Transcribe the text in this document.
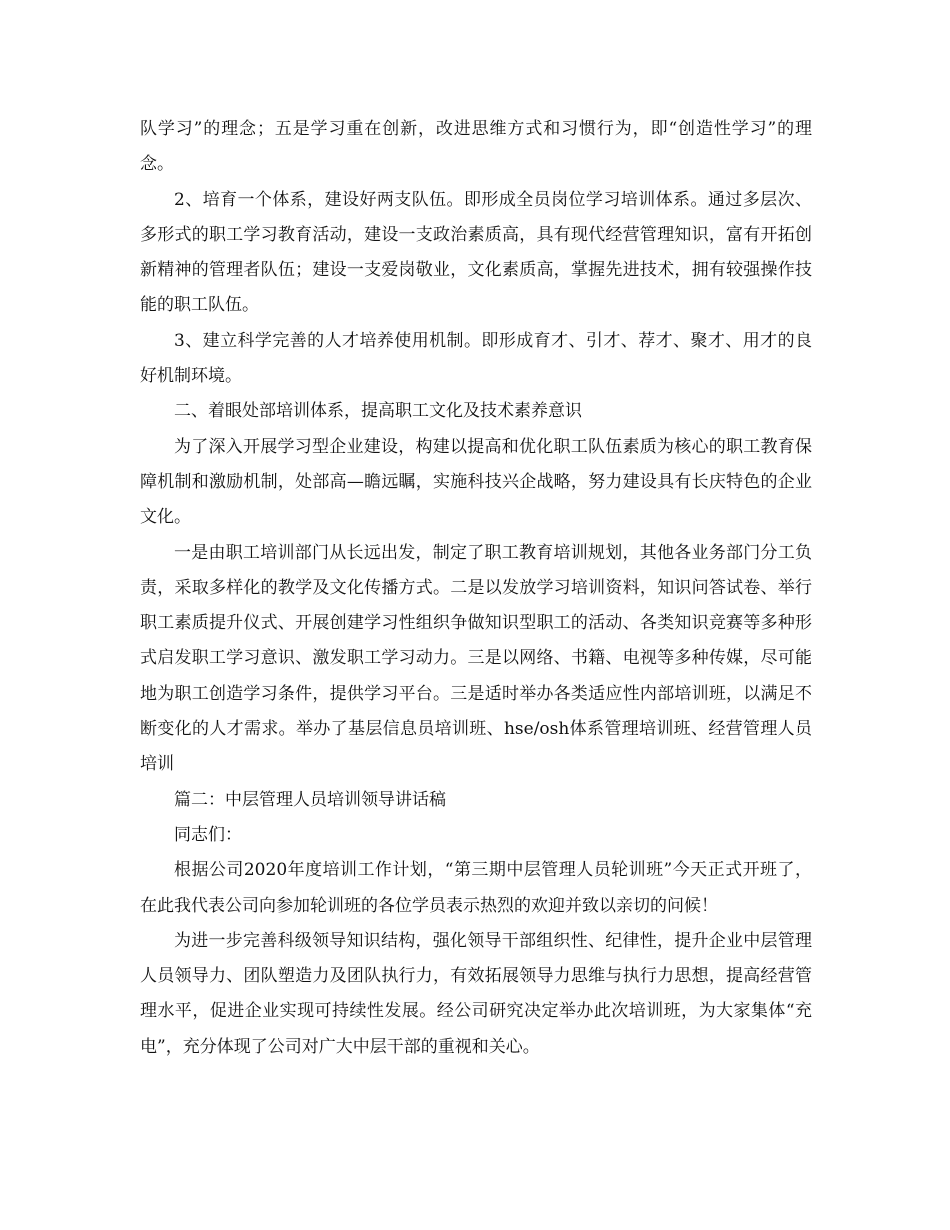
队学习”的理念；五是学习重在创新，改进思维方式和习惯行为，即“创造性学习”的理念。

2、培育一个体系，建设好两支队伍。即形成全员岗位学习培训体系。通过多层次、多形式的职工学习教育活动，建设一支政治素质高，具有现代经营管理知识，富有开拓创新精神的管理者队伍；建设一支爱岗敬业，文化素质高，掌握先进技术，拥有较强操作技能的职工队伍。

3、建立科学完善的人才培养使用机制。即形成育才、引才、荐才、聚才、用才的良好机制环境。

二、着眼处部培训体系，提高职工文化及技术素养意识

为了深入开展学习型企业建设，构建以提高和优化职工队伍素质为核心的职工教育保障机制和激励机制，处部高—瞻远瞩，实施科技兴企战略，努力建设具有长庆特色的企业文化。

一是由职工培训部门从长远出发，制定了职工教育培训规划，其他各业务部门分工负责，采取多样化的教学及文化传播方式。二是以发放学习培训资料，知识问答试卷、举行职工素质提升仪式、开展创建学习性组织争做知识型职工的活动、各类知识竞赛等多种形式启发职工学习意识、激发职工学习动力。三是以网络、书籍、电视等多种传媒，尽可能地为职工创造学习条件，提供学习平台。三是适时举办各类适应性内部培训班，以满足不断变化的人才需求。举办了基层信息员培训班、hse/osh体系管理培训班、经营管理人员培训

篇二：中层管理人员培训领导讲话稿

同志们：

根据公司2020年度培训工作计划，“第三期中层管理人员轮训班”今天正式开班了，在此我代表公司向参加轮训班的各位学员表示热烈的欢迎并致以亲切的问候！

为进一步完善科级领导知识结构，强化领导干部组织性、纪律性，提升企业中层管理人员领导力、团队塑造力及团队执行力，有效拓展领导力思维与执行力思想，提高经营管理水平，促进企业实现可持续性发展。经公司研究决定举办此次培训班，为大家集体“充电”，充分体现了公司对广大中层干部的重视和关心。
